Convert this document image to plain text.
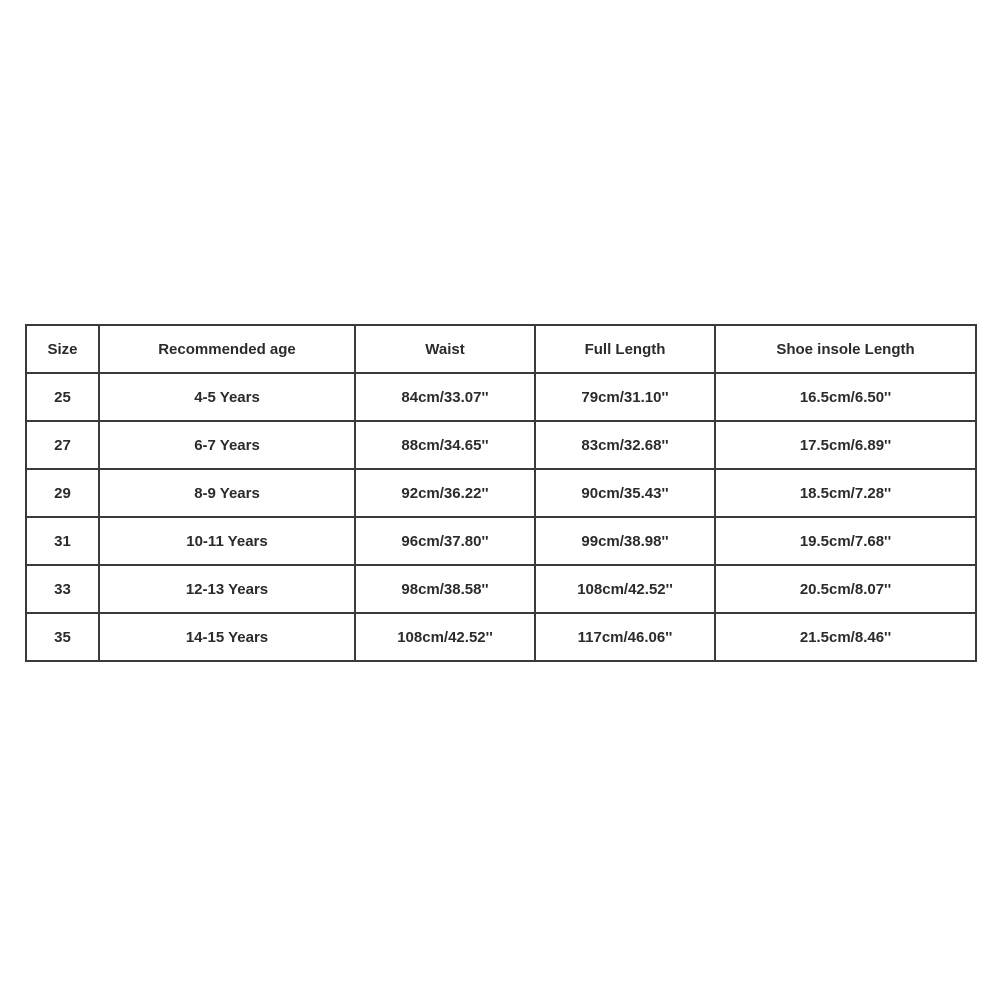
Size	Recommended age	Waist	Full Length	Shoe insole Length
25	4-5 Years	84cm/33.07''	79cm/31.10''	16.5cm/6.50''
27	6-7 Years	88cm/34.65''	83cm/32.68''	17.5cm/6.89''
29	8-9 Years	92cm/36.22''	90cm/35.43''	18.5cm/7.28''
31	10-11 Years	96cm/37.80''	99cm/38.98''	19.5cm/7.68''
33	12-13 Years	98cm/38.58''	108cm/42.52''	20.5cm/8.07''
35	14-15 Years	108cm/42.52''	117cm/46.06''	21.5cm/8.46''
